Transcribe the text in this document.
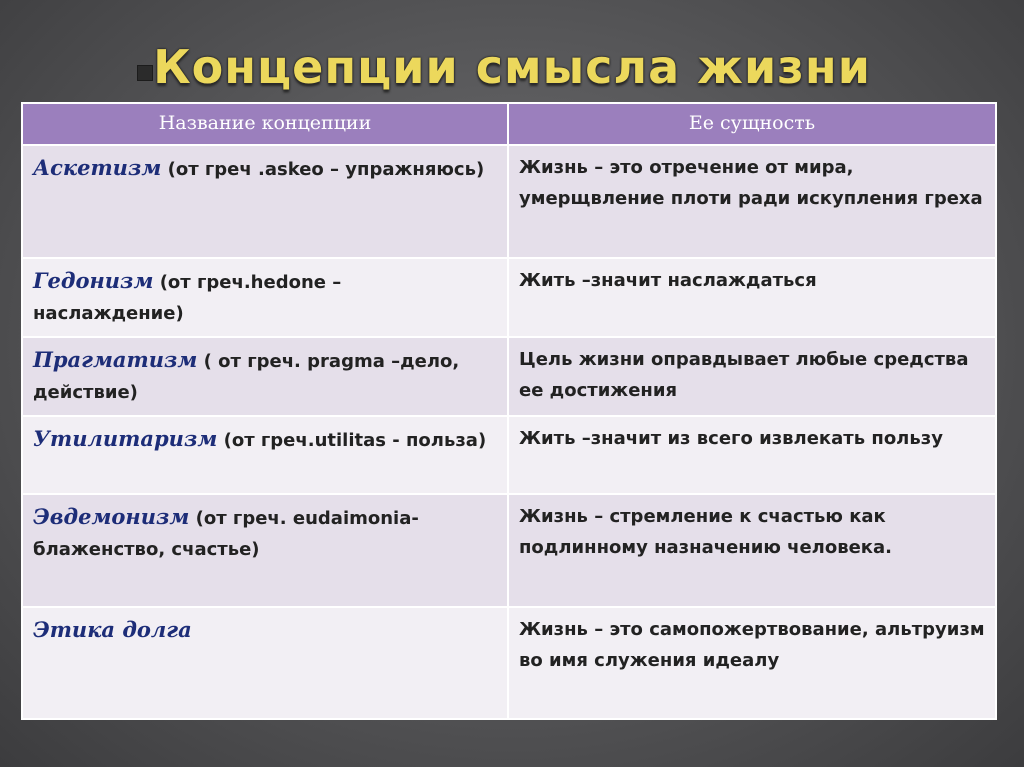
Концепции смысла жизни
Название концепции	Ее сущность
Аскетизм (от греч .askeo – упражняюсь)	Жизнь – это отречение от мира, умерщвление плоти ради искупления греха
Гедонизм (от греч.hedone – наслаждение)	Жить –значит наслаждаться
Прагматизм ( от греч. pragma –дело, действие)	Цель жизни оправдывает любые средства ее достижения
Утилитаризм (от греч.utilitas - польза)	Жить –значит из всего извлекать пользу
Эвдемонизм (от греч. eudaimonia- блаженство, счастье)	Жизнь – стремление к счастью как подлинному назначению человека.
Этика долга	Жизнь – это самопожертвование, альтруизм во имя служения идеалу
